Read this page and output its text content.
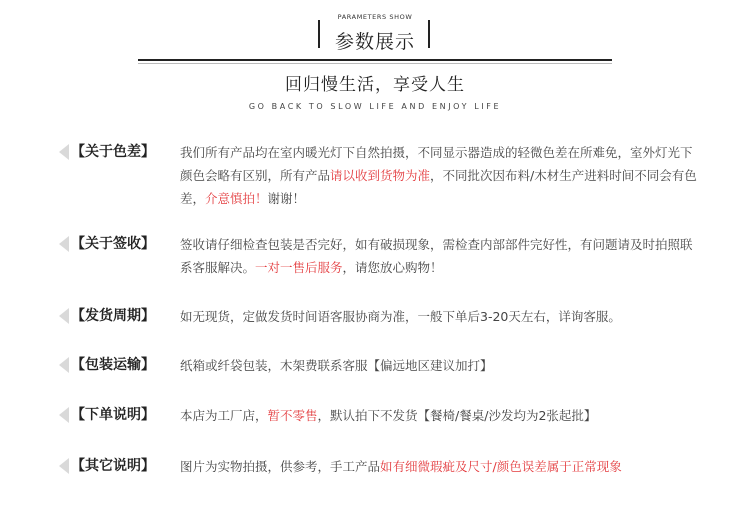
PARAMETERS SHOW
参数展示
回归慢生活，享受人生
GO BACK TO SLOW LIFE AND ENJOY LIFE
【关于色差】 我们所有产品均在室内暖光灯下自然拍摄，不同显示器造成的轻微色差在所难免，室外灯光下颜色会略有区别，所有产品请以收到货物为准，不同批次因布料/木材生产进料时间不同会有色差，介意慎拍！谢谢！
【关于签收】 签收请仔细检查包装是否完好，如有破损现象，需检查内部部件完好性，有问题请及时拍照联系客服解决。一对一售后服务，请您放心购物！
【发货周期】 如无现货，定做发货时间语客服协商为准，一般下单后3-20天左右，详询客服。
【包装运输】 纸箱或纤袋包装，木架费联系客服【偏远地区建议加打】
【下单说明】 本店为工厂店，暂不零售，默认拍下不发货【餐椅/餐桌/沙发均为2张起批】
【其它说明】 图片为实物拍摄，供参考，手工产品如有细微瑕疵及尺寸/颜色误差属于正常现象
